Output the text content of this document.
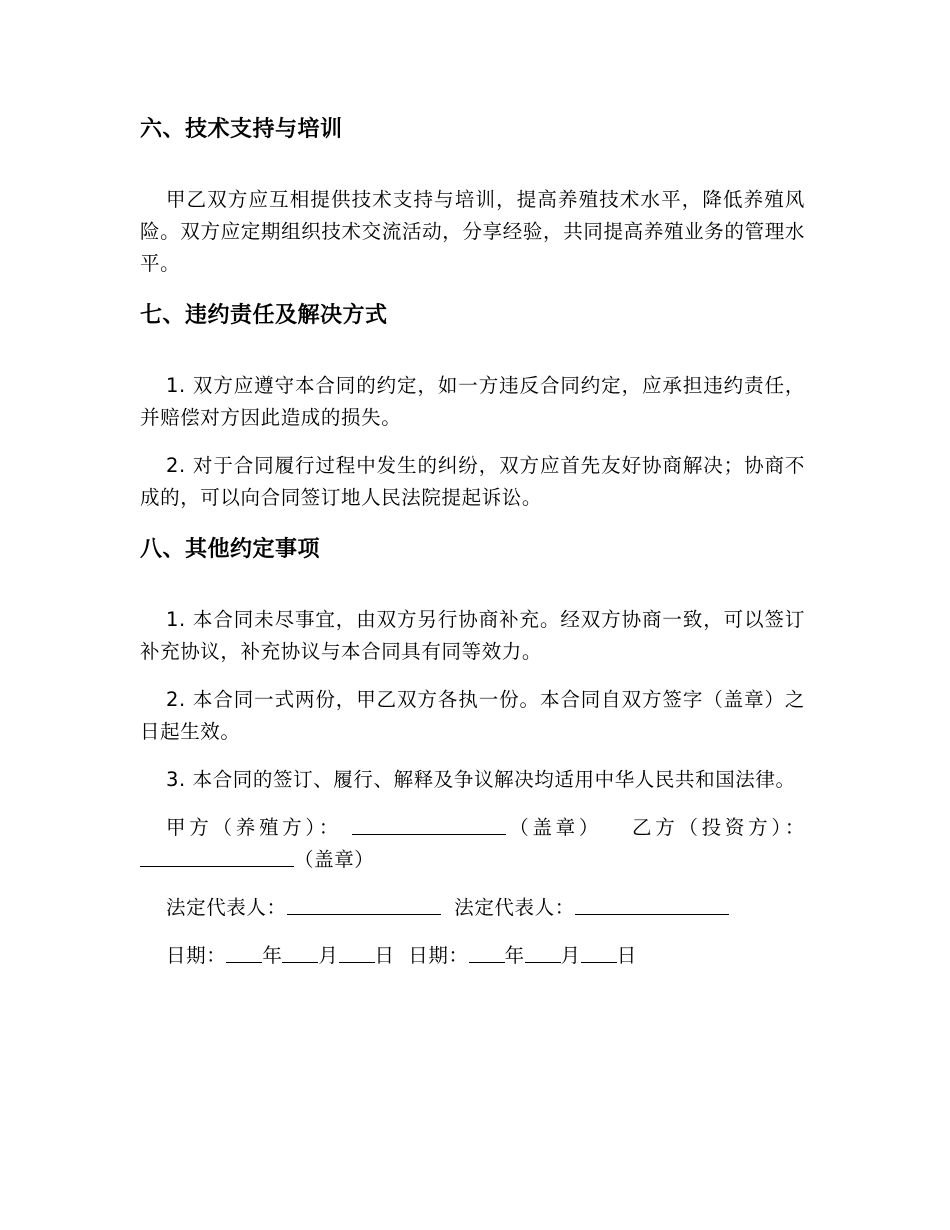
六、技术支持与培训

甲乙双方应互相提供技术支持与培训，提高养殖技术水平，降低养殖风险。双方应定期组织技术交流活动，分享经验，共同提高养殖业务的管理水平。

七、违约责任及解决方式

1. 双方应遵守本合同的约定，如一方违反合同约定，应承担违约责任，并赔偿对方因此造成的损失。

2. 对于合同履行过程中发生的纠纷，双方应首先友好协商解决；协商不成的，可以向合同签订地人民法院提起诉讼。

八、其他约定事项

1. 本合同未尽事宜，由双方另行协商补充。经双方协商一致，可以签订补充协议，补充协议与本合同具有同等效力。

2. 本合同一式两份，甲乙双方各执一份。本合同自双方签字（盖章）之日起生效。

3. 本合同的签订、履行、解释及争议解决均适用中华人民共和国法律。

甲方（养殖方）：	（盖章） 乙方（投资方）： （盖章）

法定代表人：	法定代表人：

日期： 年 月 日 日期： 年 月 日
